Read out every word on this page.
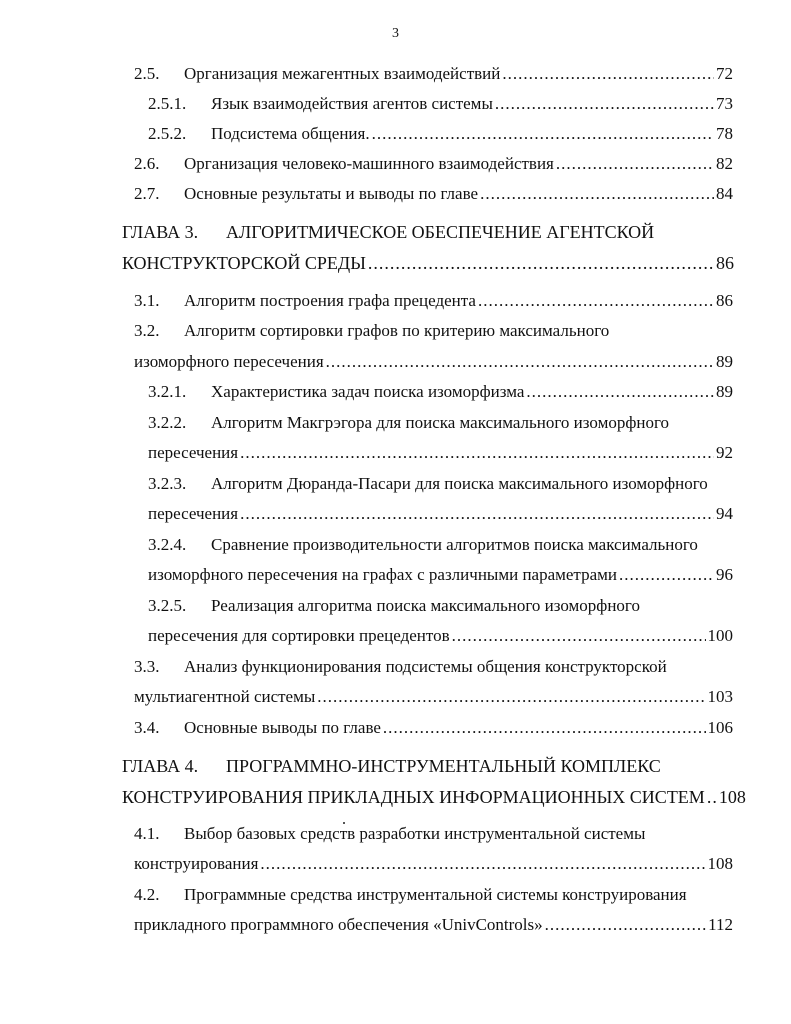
3
2.5. Организация межагентных взаимодействий .....	72
2.5.1. Язык взаимодействия агентов системы .....	73
2.5.2. Подсистема общения. .....	78
2.6. Организация человеко-машинного взаимодействия .....	82
2.7. Основные результаты и выводы по главе .....	84
ГЛАВА 3. АЛГОРИТМИЧЕСКОЕ ОБЕСПЕЧЕНИЕ АГЕНТСКОЙ
КОНСТРУКТОРСКОЙ СРЕДЫ .....	86
3.1. Алгоритм построения графа прецедента .....	86
3.2. Алгоритм сортировки графов по критерию максимального
изоморфного пересечения .....	89
3.2.1. Характеристика задач поиска изоморфизма .....	89
3.2.2. Алгоритм Макгрэгора для поиска максимального изоморфного
пересечения .....	92
3.2.3. Алгоритм Дюранда-Пасари для поиска максимального изоморфного
пересечения .....	94
3.2.4. Сравнение производительности алгоритмов поиска максимального
изоморфного пересечения на графах с различными параметрами .....	96
3.2.5. Реализация алгоритма поиска максимального изоморфного
пересечения для сортировки прецедентов .....	100
3.3. Анализ функционирования подсистемы общения конструкторской
мультиагентной системы .....	103
3.4. Основные выводы по главе .....	106
ГЛАВА 4. ПРОГРАММНО-ИНСТРУМЕНТАЛЬНЫЙ КОМПЛЕКС
КОНСТРУИРОВАНИЯ ПРИКЛАДНЫХ ИНФОРМАЦИОННЫХ СИСТЕМ ..... 108
4.1. Выбор базовых средств разработки инструментальной системы
конструирования .....	108
4.2. Программные средства инструментальной системы конструирования
прикладного программного обеспечения «UnivControls» .....	112
